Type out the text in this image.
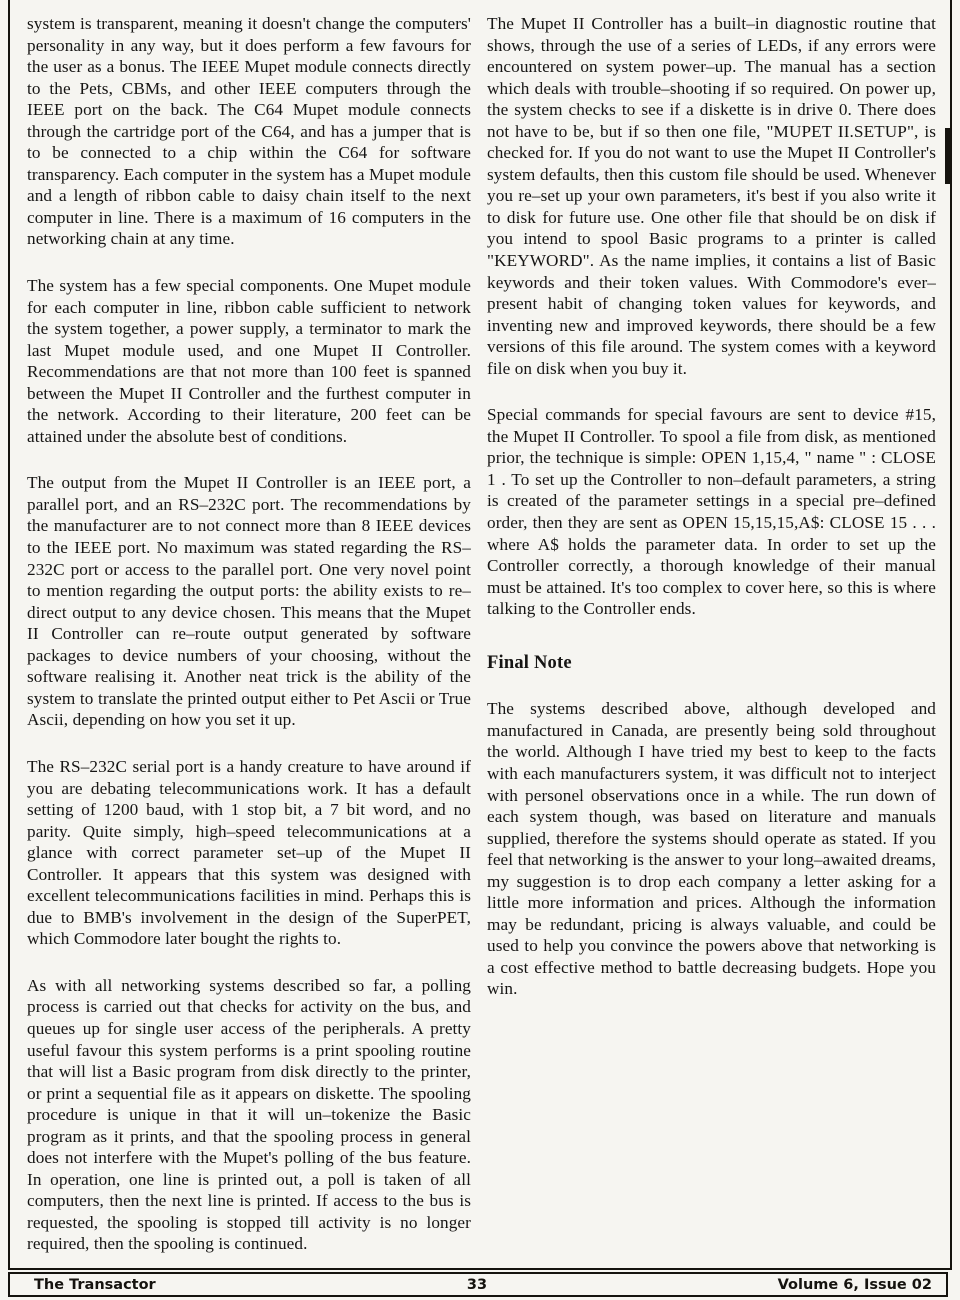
system is transparent, meaning it doesn't change the computers' personality in any way, but it does perform a few favours for the user as a bonus. The IEEE Mupet module connects directly to the Pets, CBMs, and other IEEE computers through the IEEE port on the back. The C64 Mupet module connects through the cartridge port of the C64, and has a jumper that is to be connected to a chip within the C64 for software transparency. Each computer in the system has a Mupet module and a length of ribbon cable to daisy chain itself to the next computer in line. There is a maximum of 16 computers in the networking chain at any time.

The system has a few special components. One Mupet module for each computer in line, ribbon cable sufficient to network the system together, a power supply, a terminator to mark the last Mupet module used, and one Mupet II Controller. Recommendations are that not more than 100 feet is spanned between the Mupet II Controller and the furthest computer in the network. According to their literature, 200 feet can be attained under the absolute best of conditions.

The output from the Mupet II Controller is an IEEE port, a parallel port, and an RS–232C port. The recommendations by the manufacturer are to not connect more than 8 IEEE devices to the IEEE port. No maximum was stated regarding the RS–232C port or access to the parallel port. One very novel point to mention regarding the output ports: the ability exists to re–direct output to any device chosen. This means that the Mupet II Controller can re–route output generated by software packages to device numbers of your choosing, without the software realising it. Another neat trick is the ability of the system to translate the printed output either to Pet Ascii or True Ascii, depending on how you set it up.

The RS–232C serial port is a handy creature to have around if you are debating telecommunications work. It has a default setting of 1200 baud, with 1 stop bit, a 7 bit word, and no parity. Quite simply, high–speed telecommunications at a glance with correct parameter set–up of the Mupet II Controller. It appears that this system was designed with excellent telecommunications facilities in mind. Perhaps this is due to BMB's involvement in the design of the SuperPET, which Commodore later bought the rights to.

As with all networking systems described so far, a polling process is carried out that checks for activity on the bus, and queues up for single user access of the peripherals. A pretty useful favour this system performs is a print spooling routine that will list a Basic program from disk directly to the printer, or print a sequential file as it appears on diskette. The spooling procedure is unique in that it will un–tokenize the Basic program as it prints, and that the spooling process in general does not interfere with the Mupet's polling of the bus feature. In operation, one line is printed out, a poll is taken of all computers, then the next line is printed. If access to the bus is requested, the spooling is stopped till activity is no longer required, then the spooling is continued.

The Mupet II Controller has a built–in diagnostic routine that shows, through the use of a series of LEDs, if any errors were encountered on system power–up. The manual has a section which deals with trouble–shooting if so required. On power up, the system checks to see if a diskette is in drive 0. There does not have to be, but if so then one file, "MUPET II.SETUP", is checked for. If you do not want to use the Mupet II Controller's system defaults, then this custom file should be used. Whenever you re–set up your own parameters, it's best if you also write it to disk for future use. One other file that should be on disk if you intend to spool Basic programs to a printer is called "KEYWORD". As the name implies, it contains a list of Basic keywords and their token values. With Commodore's ever–present habit of changing token values for keywords, and inventing new and improved keywords, there should be a few versions of this file around. The system comes with a keyword file on disk when you buy it.

Special commands for special favours are sent to device #15, the Mupet II Controller. To spool a file from disk, as mentioned prior, the technique is simple: OPEN 1,15,4, " name " : CLOSE 1 . To set up the Controller to non–default parameters, a string is created of the parameter settings in a special pre–defined order, then they are sent as OPEN 15,15,15,A$: CLOSE 15 . . . where A$ holds the parameter data. In order to set up the Controller correctly, a thorough knowledge of their manual must be attained. It's too complex to cover here, so this is where talking to the Controller ends.

Final Note

The systems described above, although developed and manufactured in Canada, are presently being sold throughout the world. Although I have tried my best to keep to the facts with each manufacturers system, it was difficult not to interject with personel observations once in a while. The run down of each system though, was based on literature and manuals supplied, therefore the systems should operate as stated. If you feel that networking is the answer to your long–awaited dreams, my suggestion is to drop each company a letter asking for a little more information and prices. Although the information may be redundant, pricing is always valuable, and could be used to help you convince the powers above that networking is a cost effective method to battle decreasing budgets. Hope you win.

The Transactor	33	Volume 6, Issue 02
